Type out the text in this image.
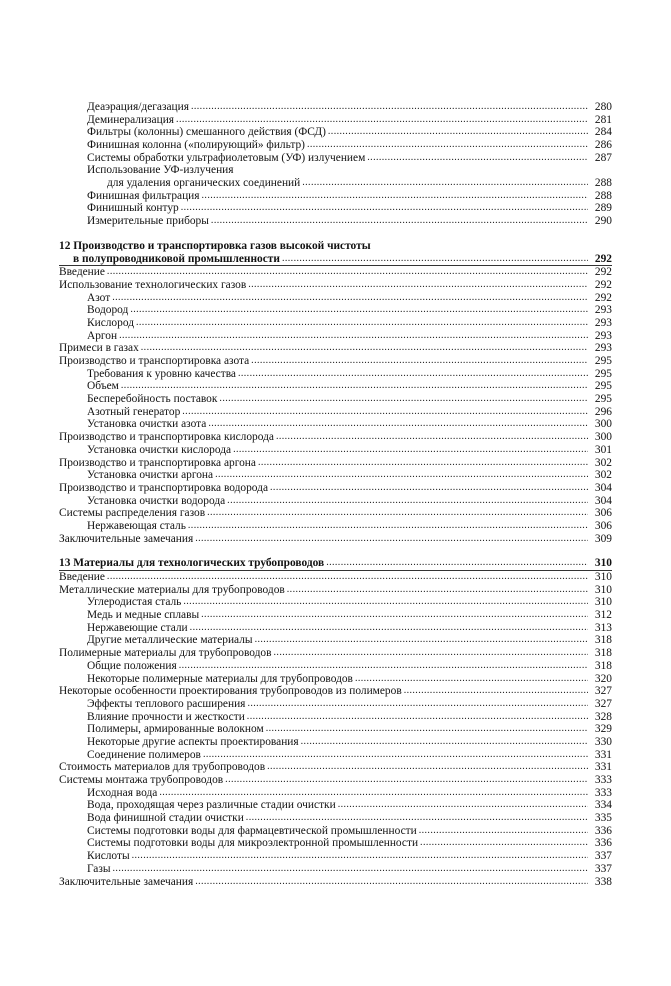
Деаэрация/дегазация .....	280
Деминерализация .....	281
Фильтры (колонны) смешанного действия (ФСД) .....	284
Финишная колонна («полирующий» фильтр) .....	286
Системы обработки ультрафиолетовым (УФ) излучением .....	287
Использование УФ-излучения
для удаления органических соединений .....	288
Финишная фильтрация .....	288
Финишный контур .....	289
Измерительные приборы .....	290
12 Производство и транспортировка газов высокой чистоты
в полупроводниковой промышленности .....	292
Введение .....	292
Использование технологических газов .....	292
Азот .....	292
Водород .....	293
Кислород .....	293
Аргон .....	293
Примеси в газах .....	293
Производство и транспортировка азота .....	295
Требования к уровню качества .....	295
Объем .....	295
Бесперебойность поставок .....	295
Азотный генератор .....	296
Установка очистки азота .....	300
Производство и транспортировка кислорода .....	300
Установка очистки кислорода .....	301
Производство и транспортировка аргона .....	302
Установка очистки аргона .....	302
Производство и транспортировка водорода .....	304
Установка очистки водорода .....	304
Системы распределения газов .....	306
Нержавеющая сталь .....	306
Заключительные замечания .....	309
13 Материалы для технологических трубопроводов .....	310
Введение .....	310
Металлические материалы для трубопроводов .....	310
Углеродистая сталь .....	310
Медь и медные сплавы .....	312
Нержавеющие стали .....	313
Другие металлические материалы .....	318
Полимерные материалы для трубопроводов .....	318
Общие положения .....	318
Некоторые полимерные материалы для трубопроводов .....	320
Некоторые особенности проектирования трубопроводов из полимеров .....	327
Эффекты теплового расширения .....	327
Влияние прочности и жесткости .....	328
Полимеры, армированные волокном .....	329
Некоторые другие аспекты проектирования .....	330
Соединение полимеров .....	331
Стоимость материалов для трубопроводов .....	331
Системы монтажа трубопроводов .....	333
Исходная вода .....	333
Вода, проходящая через различные стадии очистки .....	334
Вода финишной стадии очистки .....	335
Системы подготовки воды для фармацевтической промышленности .....	336
Системы подготовки воды для микроэлектронной промышленности .....	336
Кислоты .....	337
Газы .....	337
Заключительные замечания .....	338
